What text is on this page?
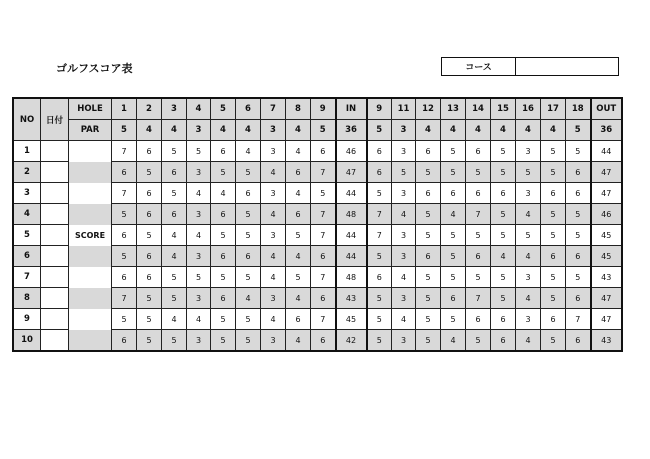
ゴルフスコア表	コース
NO	日付	HOLE	1	2	3	4	5	6	7	8	9	IN	9	11	12	13	14	15	16	17	18	OUT
		PAR	5	4	4	3	4	4	3	4	5	36	5	3	4	4	4	4	4	4	5	36
1			7	6	5	5	6	4	3	4	6	46	6	3	6	5	6	5	3	5	5	44
2			6	5	6	3	5	5	4	6	7	47	6	5	5	5	5	5	5	5	6	47
3			7	6	5	4	4	6	3	4	5	44	5	3	6	6	6	6	3	6	6	47
4			5	6	6	3	6	5	4	6	7	48	7	4	5	4	7	5	4	5	5	46
5		SCORE	6	5	4	4	5	5	3	5	7	44	7	3	5	5	5	5	5	5	5	45
6			5	6	4	3	6	6	4	4	6	44	5	3	6	5	6	4	4	6	6	45
7			6	6	5	5	5	5	4	5	7	48	6	4	5	5	5	5	3	5	5	43
8			7	5	5	3	6	4	3	4	6	43	5	3	5	6	7	5	4	5	6	47
9			5	5	4	4	5	5	4	6	7	45	5	4	5	5	6	6	3	6	7	47
10			6	5	5	3	5	5	3	4	6	42	5	3	5	4	5	6	4	5	6	43
